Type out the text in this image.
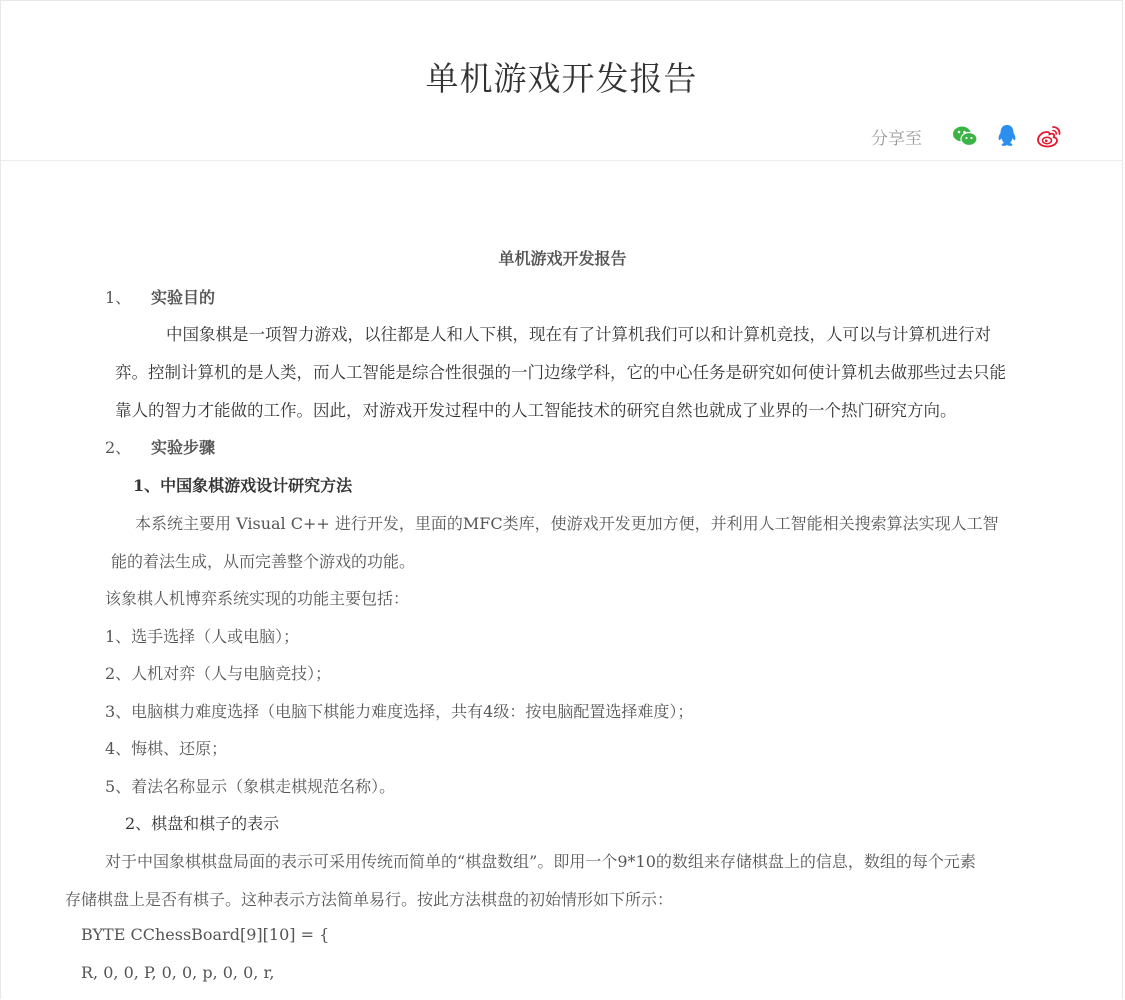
单机游戏开发报告
分享至
单机游戏开发报告
1、 实验目的
中国象棋是一项智力游戏，以往都是人和人下棋，现在有了计算机我们可以和计算机竞技，人可以与计算机进行对
弈。控制计算机的是人类，而人工智能是综合性很强的一门边缘学科，它的中心任务是研究如何使计算机去做那些过去只能
靠人的智力才能做的工作。因此，对游戏开发过程中的人工智能技术的研究自然也就成了业界的一个热门研究方向。
2、 实验步骤
1、中国象棋游戏设计研究方法
本系统主要用 Visual C++ 进行开发，里面的MFC类库，使游戏开发更加方便，并利用人工智能相关搜索算法实现人工智
能的着法生成，从而完善整个游戏的功能。
该象棋人机博弈系统实现的功能主要包括：
1、选手选择（人或电脑）；
2、人机对弈（人与电脑竞技）；
3、电脑棋力难度选择（电脑下棋能力难度选择，共有4级：按电脑配置选择难度）；
4、悔棋、还原；
5、着法名称显示（象棋走棋规范名称）。
2、棋盘和棋子的表示
对于中国象棋棋盘局面的表示可采用传统而简单的“棋盘数组”。即用一个9*10的数组来存储棋盘上的信息，数组的每个元素
存储棋盘上是否有棋子。这种表示方法简单易行。按此方法棋盘的初始情形如下所示：
BYTE CChessBoard[9][10] = {
R, 0, 0, P, 0, 0, p, 0, 0, r,
